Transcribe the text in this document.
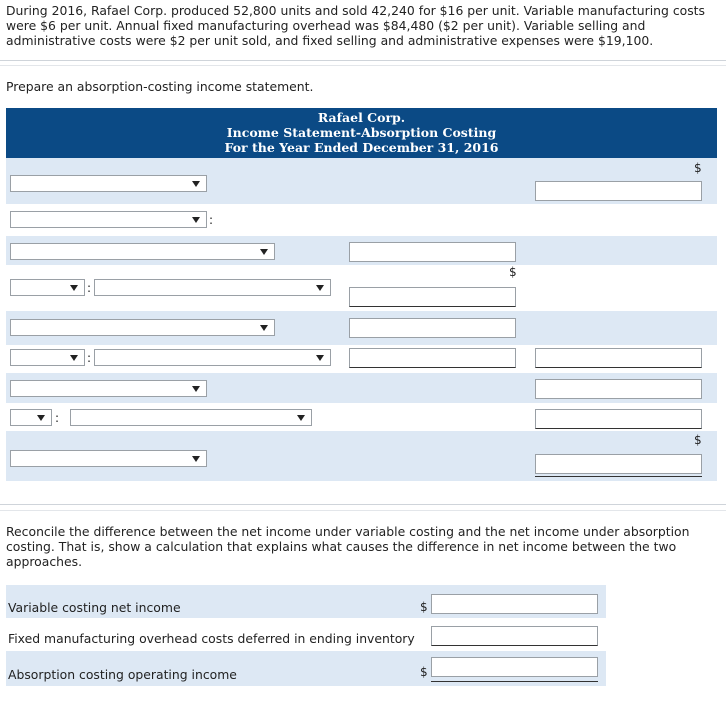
During 2016, Rafael Corp. produced 52,800 units and sold 42,240 for $16 per unit. Variable manufacturing costs

were $6 per unit. Annual fixed manufacturing overhead was $84,480 ($2 per unit). Variable selling and

administrative costs were $2 per unit sold, and fixed selling and administrative expenses were $19,100.

Prepare an absorption-costing income statement.

Rafael Corp.
Income Statement-Absorption Costing
For the Year Ended December 31, 2016
$
:
$
:
:
:
$

Reconcile the difference between the net income under variable costing and the net income under absorption

costing. That is, show a calculation that explains what causes the difference in net income between the two

approaches.

Variable costing net income	$
Fixed manufacturing overhead costs deferred in ending inventory
Absorption costing operating income	$
